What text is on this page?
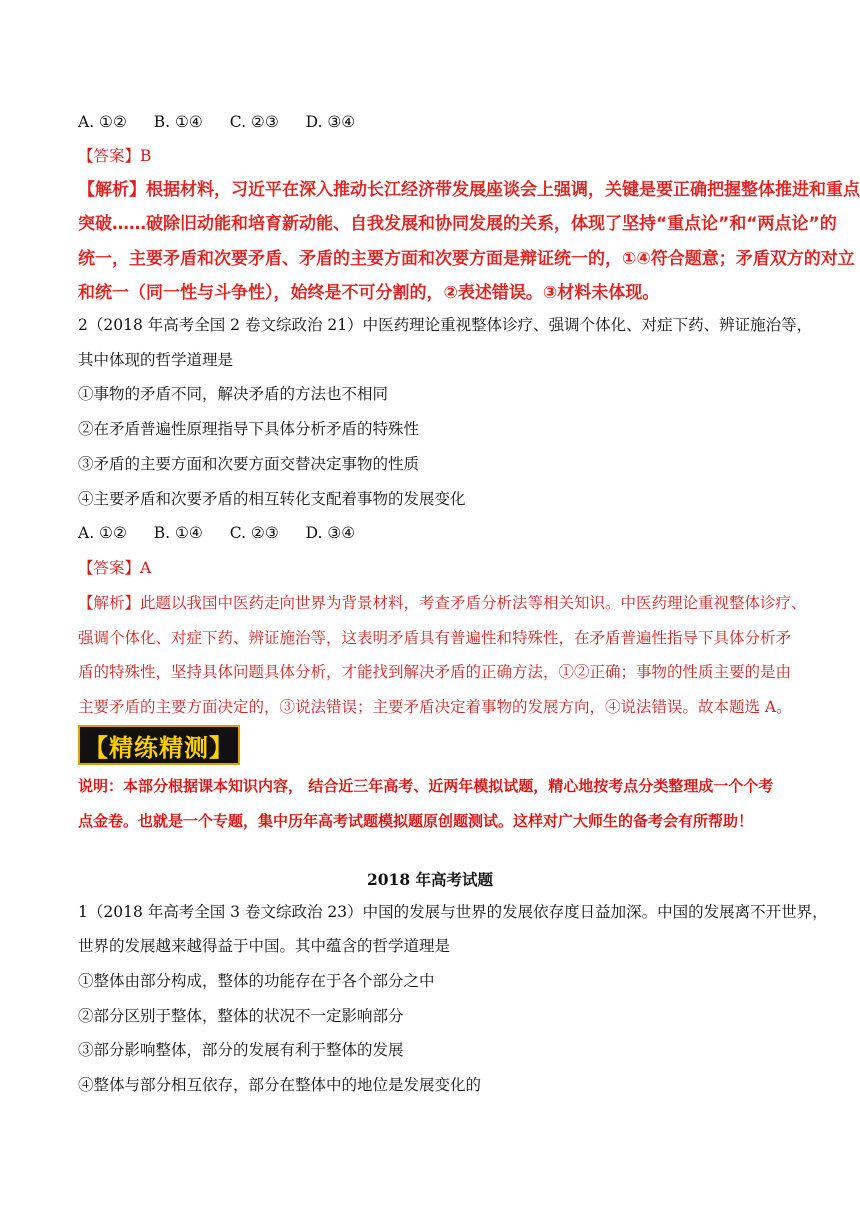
A. ①② B. ①④ C. ②③ D. ③④
【答案】B
【解析】根据材料，习近平在深入推动长江经济带发展座谈会上强调，关键是要正确把握整体推进和重点
突破……破除旧动能和培育新动能、自我发展和协同发展的关系，体现了坚持“重点论”和“两点论”的
统一，主要矛盾和次要矛盾、矛盾的主要方面和次要方面是辩证统一的，①④符合题意；矛盾双方的对立
和统一（同一性与斗争性），始终是不可分割的，②表述错误。③材料未体现。
2（2018 年高考全国 2 卷文综政治 21）中医药理论重视整体诊疗、强调个体化、对症下药、辨证施治等，
其中体现的哲学道理是
①事物的矛盾不同，解决矛盾的方法也不相同
②在矛盾普遍性原理指导下具体分析矛盾的特殊性
③矛盾的主要方面和次要方面交替决定事物的性质
④主要矛盾和次要矛盾的相互转化支配着事物的发展变化
A. ①② B. ①④ C. ②③ D. ③④
【答案】A
【解析】此题以我国中医药走向世界为背景材料，考查矛盾分析法等相关知识。中医药理论重视整体诊疗、
强调个体化、对症下药、辨证施治等，这表明矛盾具有普遍性和特殊性，在矛盾普遍性指导下具体分析矛
盾的特殊性，坚持具体问题具体分析，才能找到解决矛盾的正确方法，①②正确；事物的性质主要的是由
主要矛盾的主要方面决定的，③说法错误；主要矛盾决定着事物的发展方向，④说法错误。故本题选 A。
【精练精测】
说明：本部分根据课本知识内容， 结合近三年高考、近两年模拟试题，精心地按考点分类整理成一个个考
点金卷。也就是一个专题，集中历年高考试题模拟题原创题测试。这样对广大师生的备考会有所帮助！
2018 年高考试题
1（2018 年高考全国 3 卷文综政治 23）中国的发展与世界的发展依存度日益加深。中国的发展离不开世界，
世界的发展越来越得益于中国。其中蕴含的哲学道理是
①整体由部分构成，整体的功能存在于各个部分之中
②部分区别于整体，整体的状况不一定影响部分
③部分影响整体，部分的发展有利于整体的发展
④整体与部分相互依存，部分在整体中的地位是发展变化的
